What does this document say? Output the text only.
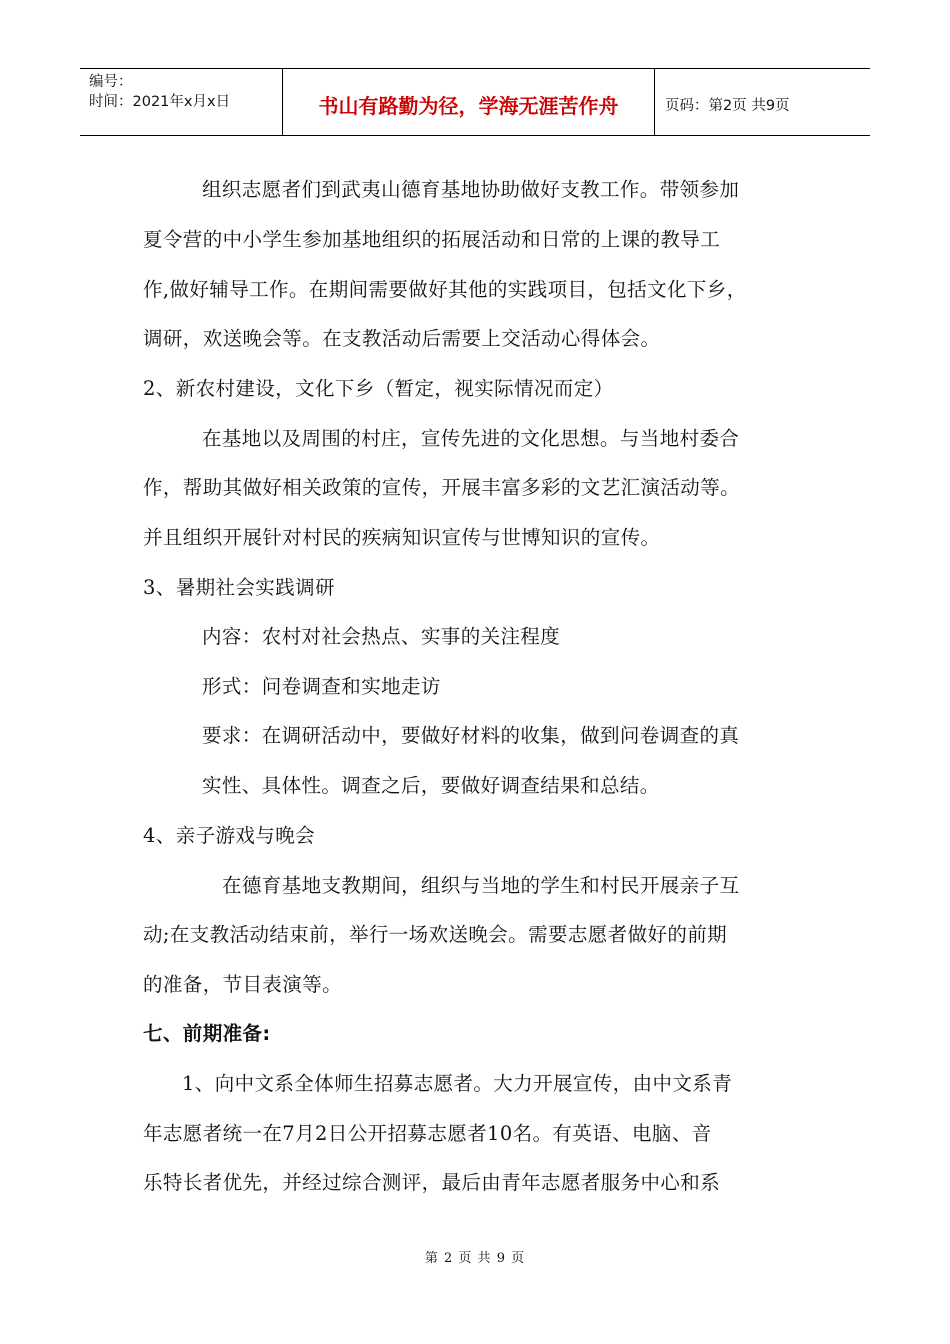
编号：
时间：2021年x月x日	书山有路勤为径，学海无涯苦作舟	页码：第2页 共9页
组织志愿者们到武夷山德育基地协助做好支教工作。带领参加
夏令营的中小学生参加基地组织的拓展活动和日常的上课的教导工
作,做好辅导工作。在期间需要做好其他的实践项目，包括文化下乡，
调研，欢送晚会等。在支教活动后需要上交活动心得体会。
2、新农村建设，文化下乡（暂定，视实际情况而定）
在基地以及周围的村庄，宣传先进的文化思想。与当地村委合
作，帮助其做好相关政策的宣传，开展丰富多彩的文艺汇演活动等。
并且组织开展针对村民的疾病知识宣传与世博知识的宣传。
3、暑期社会实践调研
内容：农村对社会热点、实事的关注程度
形式：问卷调查和实地走访
要求：在调研活动中，要做好材料的收集，做到问卷调查的真
实性、具体性。调查之后，要做好调查结果和总结。
4、亲子游戏与晚会
在德育基地支教期间，组织与当地的学生和村民开展亲子互
动;在支教活动结束前，举行一场欢送晚会。需要志愿者做好的前期
的准备，节目表演等。
七、前期准备:
1、向中文系全体师生招募志愿者。大力开展宣传，由中文系青
年志愿者统一在7月2日公开招募志愿者10名。有英语、电脑、音
乐特长者优先，并经过综合测评，最后由青年志愿者服务中心和系
第 2 页 共 9 页
